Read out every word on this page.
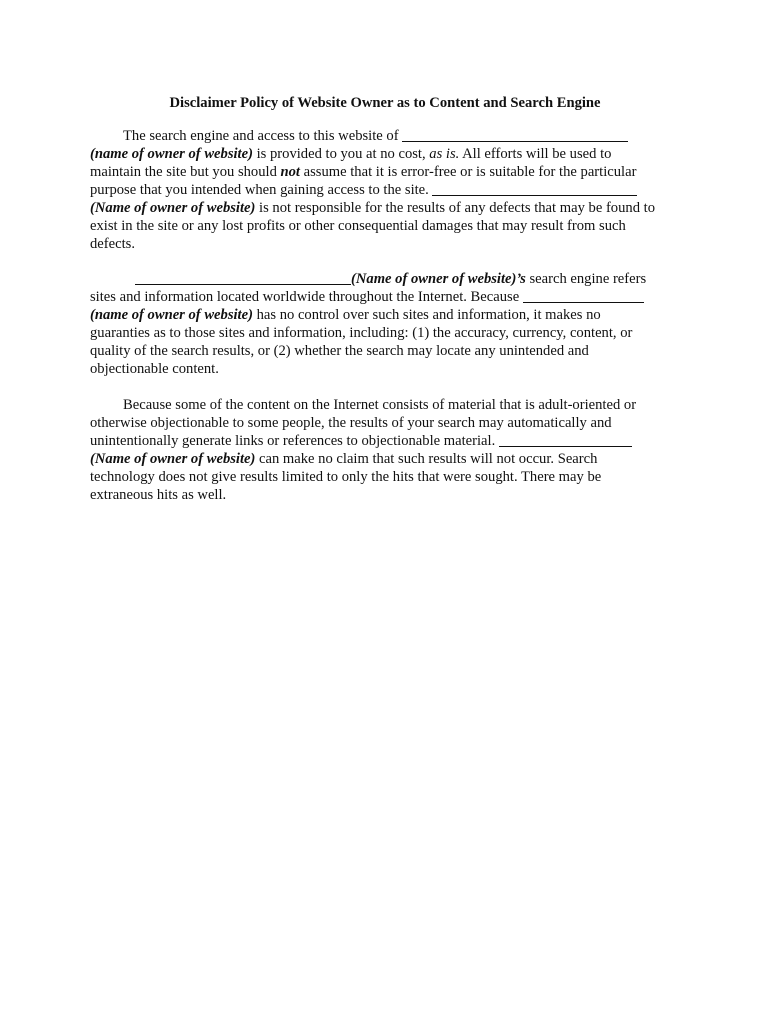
Disclaimer Policy of Website Owner as to Content and Search Engine
The search engine and access to this website of
(name of owner of website) is provided to you at no cost, as is. All efforts will be used to
maintain the site but you should not assume that it is error-free or is suitable for the particular
purpose that you intended when gaining access to the site.
(Name of owner of website) is not responsible for the results of any defects that may be found to
exist in the site or any lost profits or other consequential damages that may result from such
defects.
(Name of owner of website)’s search engine refers
sites and information located worldwide throughout the Internet. Because
(name of owner of website) has no control over such sites and information, it makes no
guaranties as to those sites and information, including: (1) the accuracy, currency, content, or
quality of the search results, or (2) whether the search may locate any unintended and
objectionable content.
Because some of the content on the Internet consists of material that is adult-oriented or
otherwise objectionable to some people, the results of your search may automatically and
unintentionally generate links or references to objectionable material.
(Name of owner of website) can make no claim that such results will not occur. Search
technology does not give results limited to only the hits that were sought. There may be
extraneous hits as well.
